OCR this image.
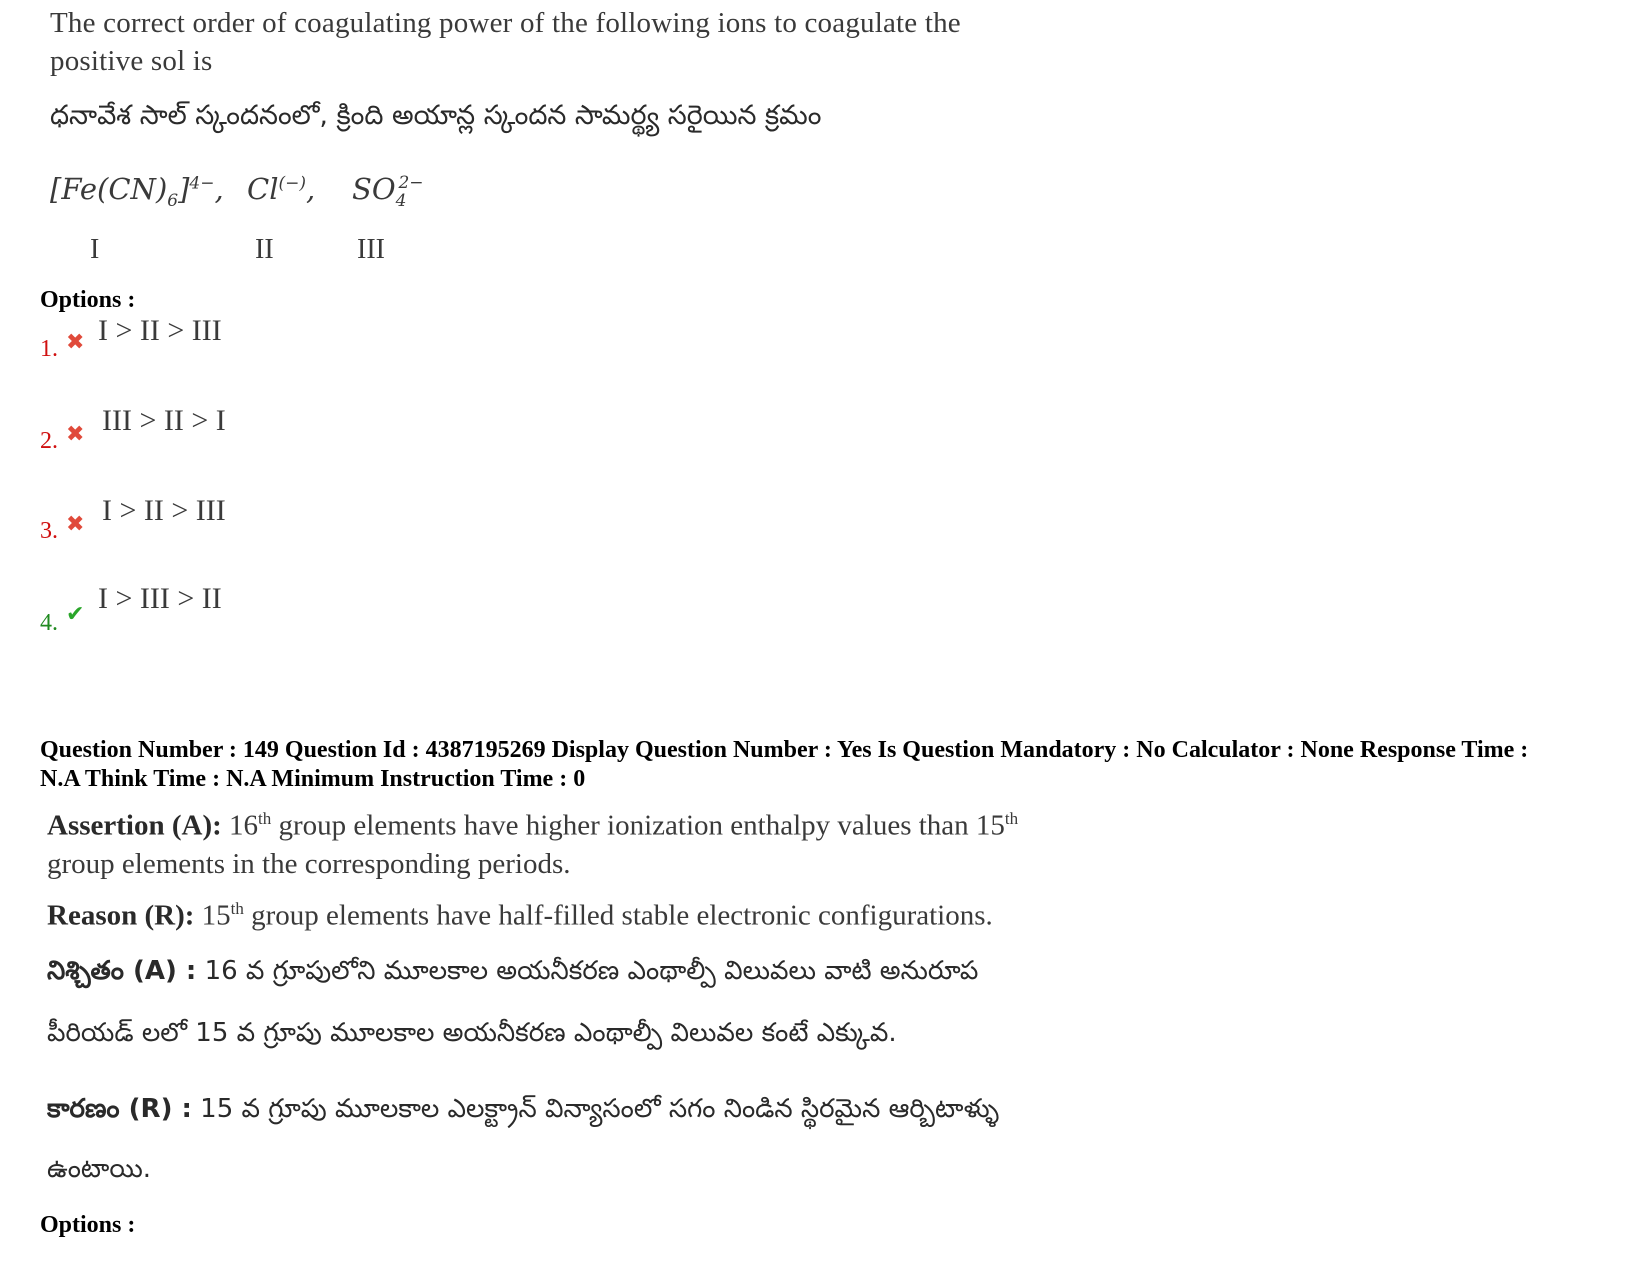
The correct order of coagulating power of the following ions to coagulate the
positive sol is
ధనావేశ సాల్ స్కందనంలో, క్రింది అయాన్ల స్కందన సామర్థ్య సరైయిన క్రమం
$[Fe(CN)_6]^{4-}$, Cl(−), $SO_4^{2-}$
I	II	III
Options :
1. ✖ I > II > III
2. ✖ III > II > I
3. ✖ I > II > III
4. ✔ I > III > II
Question Number : 149 Question Id : 4387195269 Display Question Number : Yes Is Question Mandatory : No Calculator : None Response Time :
N.A Think Time : N.A Minimum Instruction Time : 0
Assertion (A): 16th group elements have higher ionization enthalpy values than 15th
group elements in the corresponding periods.
Reason (R): 15th group elements have half-filled stable electronic configurations.
నిశ్చితం (A) : 16 వ గ్రూపులోని మూలకాల అయనీకరణ ఎంథాల్పీ విలువలు వాటి అనురూప
పీరియడ్ లలో 15 వ గ్రూపు మూలకాల అయనీకరణ ఎంథాల్పీ విలువల కంటే ఎక్కువ.
కారణం (R) : 15 వ గ్రూపు మూలకాల ఎలక్ట్రాన్ విన్యాసంలో సగం నిండిన స్థిరమైన ఆర్బిటాళ్ళు
ఉంటాయి.
Options :
